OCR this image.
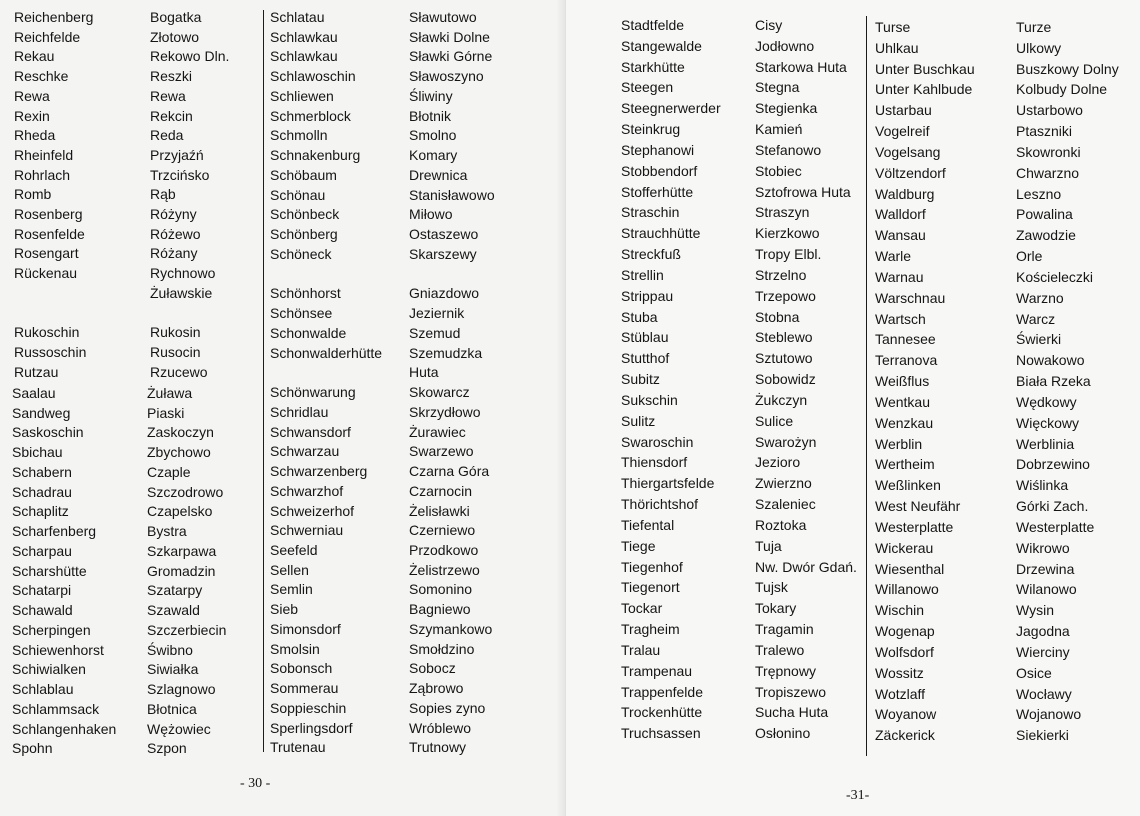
- 30 -
Reichenberg
Reichfelde
Rekau
Reschke
Rewa
Rexin
Rheda
Rheinfeld
Rohrlach
Romb
Rosenberg
Rosenfelde
Rosengart
Rückenau
Rukoschin
Russoschin
Rutzau
Bogatka
Złotowo
Rekowo Dln.
Reszki
Rewa
Rekcin
Reda
Przyjaźń
Trzcińsko
Rąb
Różyny
Różewo
Różany
Rychnowo
Żuławskie
Rukosin
Rusocin
Rzucewo
Saalau
Sandweg
Saskoschin
Sbichau
Schabern
Schadrau
Schaplitz
Scharfenberg
Scharpau
Scharshütte
Schatarpi
Schawald
Scherpingen
Schiewenhorst
Schiwialken
Schlablau
Schlammsack
Schlangenhaken
Spohn
Żuława
Piaski
Zaskoczyn
Zbychowo
Czaple
Szczodrowo
Czapelsko
Bystra
Szkarpawa
Gromadzin
Szatarpy
Szawald
Szczerbiecin
Świbno
Siwiałka
Szlagnowo
Błotnica
Wężowiec
Szpon
Schlatau
Schlawkau
Schlawkau
Schlawoschin
Schliewen
Schmerblock
Schmolln
Schnakenburg
Schöbaum
Schönau
Schönbeck
Schönberg
Schöneck
Schönhorst
Schönsee
Schonwalde
Schonwalderhütte
Schönwarung
Schridlau
Schwansdorf
Schwarzau
Schwarzenberg
Schwarzhof
Schweizerhof
Schwerniau
Seefeld
Sellen
Semlin
Sieb
Simonsdorf
Smolsin
Sobonsch
Sommerau
Soppieschin
Sperlingsdorf
Trutenau
Sławutowo
Sławki Dolne
Sławki Górne
Sławoszyno
Śliwiny
Błotnik
Smolno
Komary
Drewnica
Stanisławowo
Miłowo
Ostaszewo
Skarszewy
Gniazdowo
Jeziernik
Szemud
Szemudzka
Huta
Skowarcz
Skrzydłowo
Żurawiec
Swarzewo
Czarna Góra
Czarnocin
Żelisławki
Czerniewo
Przodkowo
Żelistrzewo
Somonino
Bagniewo
Szymankowo
Smołdzino
Sobocz
Ząbrowo
Sopies zyno
Wróblewo
Trutnowy
-31-
Stadtfelde
Stangewalde
Starkhütte
Steegen
Steegnerwerder
Steinkrug
Stephanowi
Stobbendorf
Stofferhütte
Straschin
Strauchhütte
Streckfuß
Strellin
Strippau
Stuba
Stüblau
Stutthof
Subitz
Sukschin
Sulitz
Swaroschin
Thiensdorf
Thiergartsfelde
Thörichtshof
Tiefental
Tiege
Tiegenhof
Tiegenort
Tockar
Tragheim
Tralau
Trampenau
Trappenfelde
Trockenhütte
Truchsassen
Cisy
Jodłowno
Starkowa Huta
Stegna
Stegienka
Kamień
Stefanowo
Stobiec
Sztofrowa Huta
Straszyn
Kierzkowo
Tropy Elbl.
Strzelno
Trzepowo
Stobna
Steblewo
Sztutowo
Sobowidz
Żukczyn
Sulice
Swarożyn
Jezioro
Zwierzno
Szaleniec
Roztoka
Tuja
Nw. Dwór Gdań.
Tujsk
Tokary
Tragamin
Tralewo
Trępnowy
Tropiszewo
Sucha Huta
Osłonino
Turse
Uhlkau
Unter Buschkau
Unter Kahlbude
Ustarbau
Vogelreif
Vogelsang
Völtzendorf
Waldburg
Walldorf
Wansau
Warle
Warnau
Warschnau
Wartsch
Tannesee
Terranova
Weißflus
Wentkau
Wenzkau
Werblin
Wertheim
Weßlinken
West Neufähr
Westerplatte
Wickerau
Wiesenthal
Willanowo
Wischin
Wogenap
Wolfsdorf
Wossitz
Wotzlaff
Woyanow
Zäckerick
Turze
Ulkowy
Buszkowy Dolny
Kolbudy Dolne
Ustarbowo
Ptaszniki
Skowronki
Chwarzno
Leszno
Powalina
Zawodzie
Orle
Kościeleczki
Warzno
Warcz
Świerki
Nowakowo
Biała Rzeka
Wędkowy
Więckowy
Werblinia
Dobrzewino
Wiślinka
Górki Zach.
Westerplatte
Wikrowo
Drzewina
Wilanowo
Wysin
Jagodna
Wierciny
Osice
Wocławy
Wojanowo
Siekierki
